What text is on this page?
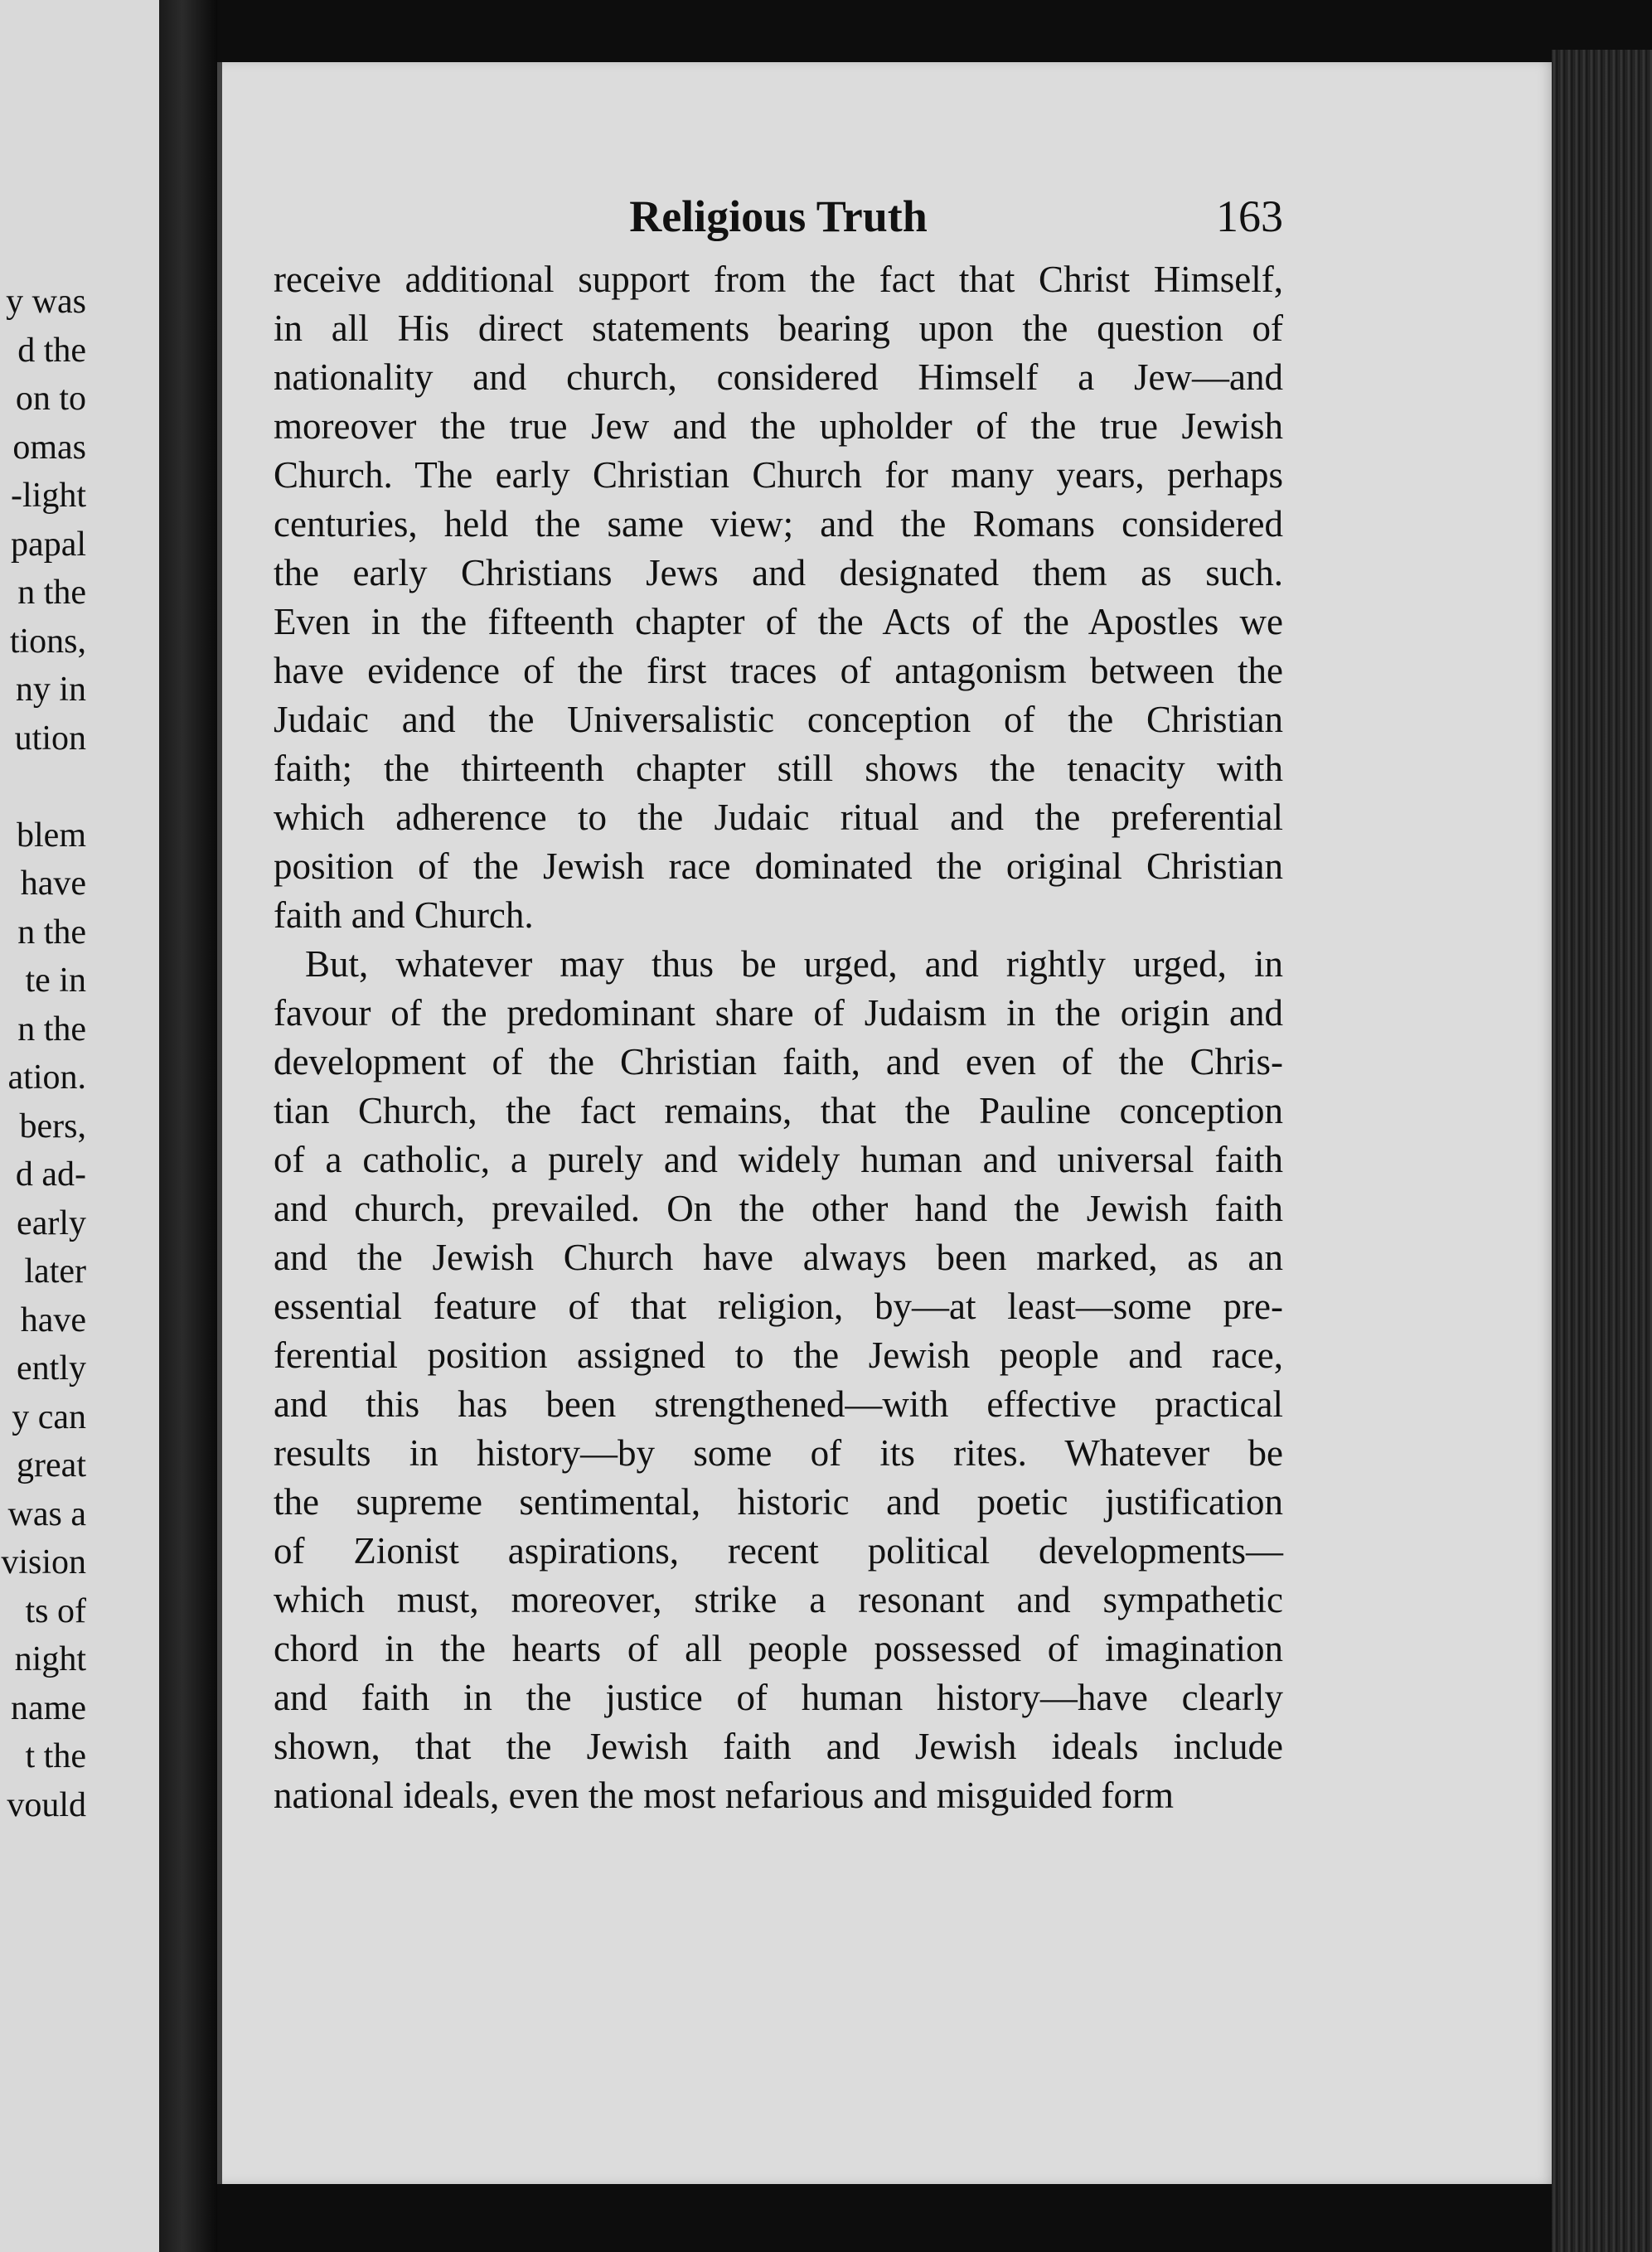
y was
d the
on to
omas
-light
papal
n the
tions,
ny in
ution
blem
have
n the
te in
n the
ation.
bers,
d ad-
early
later
have
ently
y can
great
was a
vision
ts of
night
name
t the
vould
Religious Truth	163
receive additional support from the fact that Christ Himself,
in all His direct statements bearing upon the question of
nationality and church, considered Himself a Jew—and
moreover the true Jew and the upholder of the true Jewish
Church. The early Christian Church for many years, perhaps
centuries, held the same view; and the Romans considered
the early Christians Jews and designated them as such.
Even in the fifteenth chapter of the Acts of the Apostles we
have evidence of the first traces of antagonism between the
Judaic and the Universalistic conception of the Christian
faith; the thirteenth chapter still shows the tenacity with
which adherence to the Judaic ritual and the preferential
position of the Jewish race dominated the original Christian
faith and Church.
But, whatever may thus be urged, and rightly urged, in
favour of the predominant share of Judaism in the origin and
development of the Christian faith, and even of the Chris-
tian Church, the fact remains, that the Pauline conception
of a catholic, a purely and widely human and universal faith
and church, prevailed. On the other hand the Jewish faith
and the Jewish Church have always been marked, as an
essential feature of that religion, by—at least—some pre-
ferential position assigned to the Jewish people and race,
and this has been strengthened—with effective practical
results in history—by some of its rites. Whatever be
the supreme sentimental, historic and poetic justification
of Zionist aspirations, recent political developments—
which must, moreover, strike a resonant and sympathetic
chord in the hearts of all people possessed of imagination
and faith in the justice of human history—have clearly
shown, that the Jewish faith and Jewish ideals include
national ideals, even the most nefarious and misguided form
